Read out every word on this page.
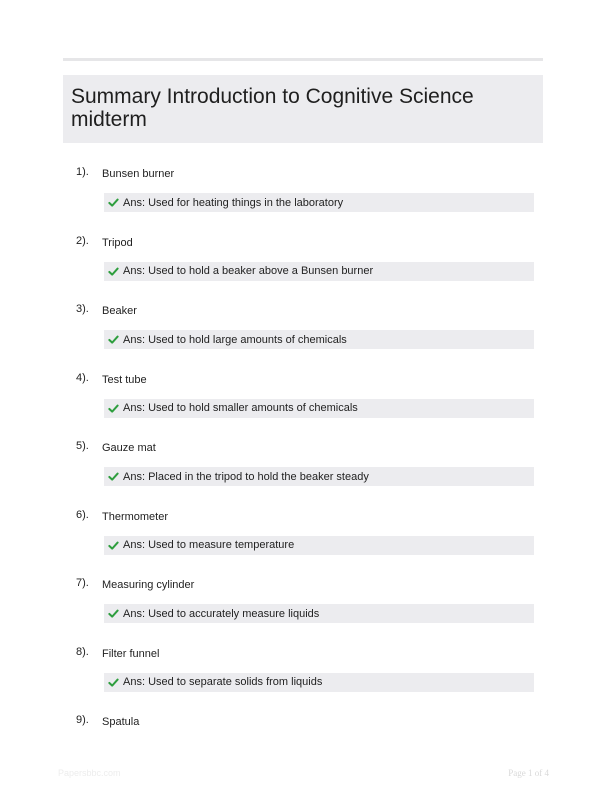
Summary Introduction to Cognitive Science midterm
1). Bunsen burner
Ans: Used for heating things in the laboratory
2). Tripod
Ans: Used to hold a beaker above a Bunsen burner
3). Beaker
Ans: Used to hold large amounts of chemicals
4). Test tube
Ans: Used to hold smaller amounts of chemicals
5). Gauze mat
Ans: Placed in the tripod to hold the beaker steady
6). Thermometer
Ans: Used to measure temperature
7). Measuring cylinder
Ans: Used to accurately measure liquids
8). Filter funnel
Ans: Used to separate solids from liquids
9). Spatula
Papersbbc.com	Page 1 of 4
